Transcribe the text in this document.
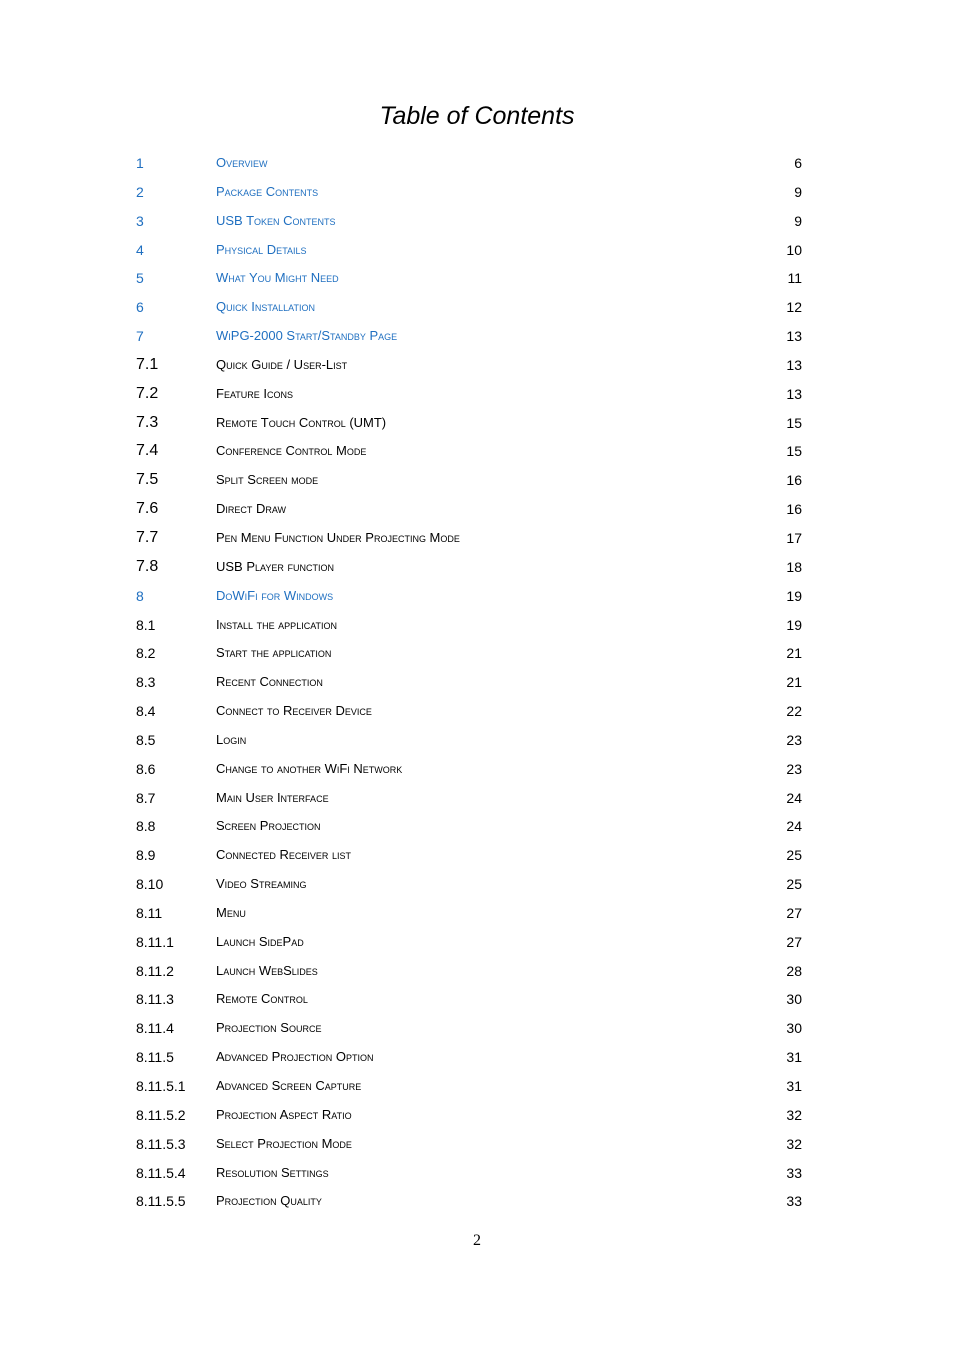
Table of Contents
1	Overview	6
2	Package Contents	9
3	USB Token Contents	9
4	Physical Details	10
5	What You Might Need	11
6	Quick Installation	12
7	WiPG-2000 Start/Standby Page	13
7.1	Quick Guide / User-List	13
7.2	Feature Icons	13
7.3	Remote Touch Control (UMT)	15
7.4	Conference Control Mode	15
7.5	Split Screen mode	16
7.6	Direct Draw	16
7.7	Pen Menu Function Under Projecting Mode	17
7.8	USB Player function	18
8	DoWiFi for Windows	19
8.1	Install the application	19
8.2	Start the application	21
8.3	Recent Connection	21
8.4	Connect to Receiver Device	22
8.5	Login	23
8.6	Change to another WiFi Network	23
8.7	Main User Interface	24
8.8	Screen Projection	24
8.9	Connected Receiver list	25
8.10	Video Streaming	25
8.11	Menu	27
8.11.1	Launch SidePad	27
8.11.2	Launch WebSlides	28
8.11.3	Remote Control	30
8.11.4	Projection Source	30
8.11.5	Advanced Projection Option	31
8.11.5.1 Advanced Screen Capture	31
8.11.5.2 Projection Aspect Ratio	32
8.11.5.3 Select Projection Mode	32
8.11.5.4 Resolution Settings	33
8.11.5.5 Projection Quality	33
2
